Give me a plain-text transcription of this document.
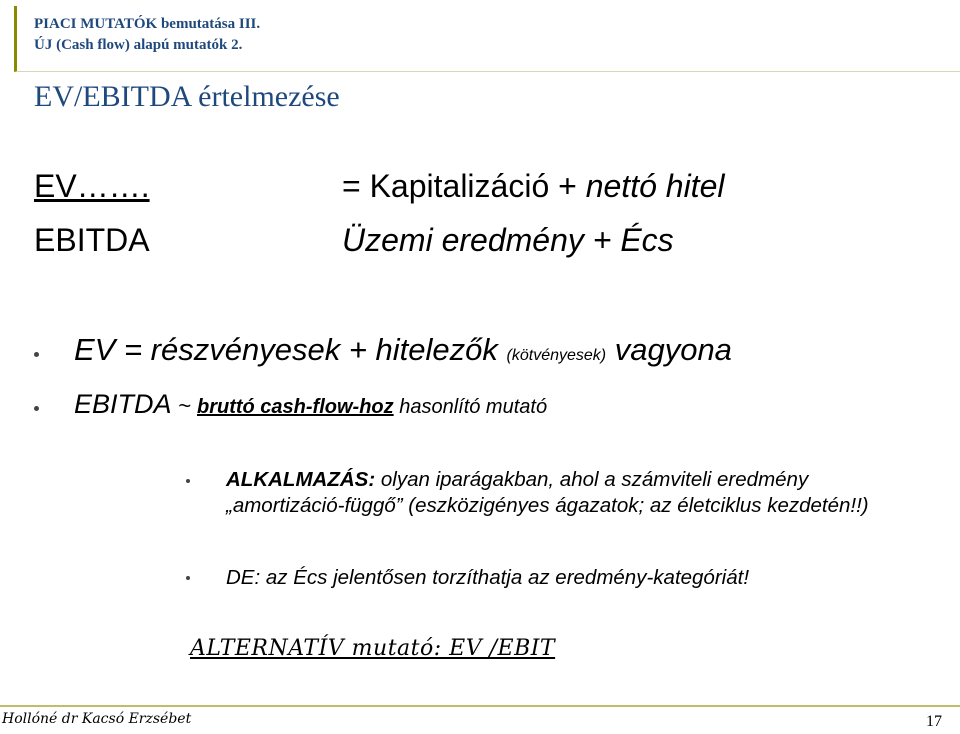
PIACI MUTATÓK bemutatása III.
ÚJ (Cash flow) alapú mutatók 2.
EV/EBITDA értelmezése
EV…….	= Kapitalizáció + nettó hitel
EBITDA	Üzemi eredmény + Écs
EV = részvényesek + hitelezők (kötvényesek) vagyona
EBITDA ~ bruttó cash-flow-hoz hasonlító mutató
ALKALMAZÁS: olyan iparágakban, ahol a számviteli eredmény „amortizáció-függő” (eszközigényes ágazatok; az életciklus kezdetén!!)
DE: az Écs jelentősen torzíthatja az eredmény-kategóriát!
ALTERNATÍV mutató: EV /EBIT
Hollóné dr Kacsó Erzsébet	17
